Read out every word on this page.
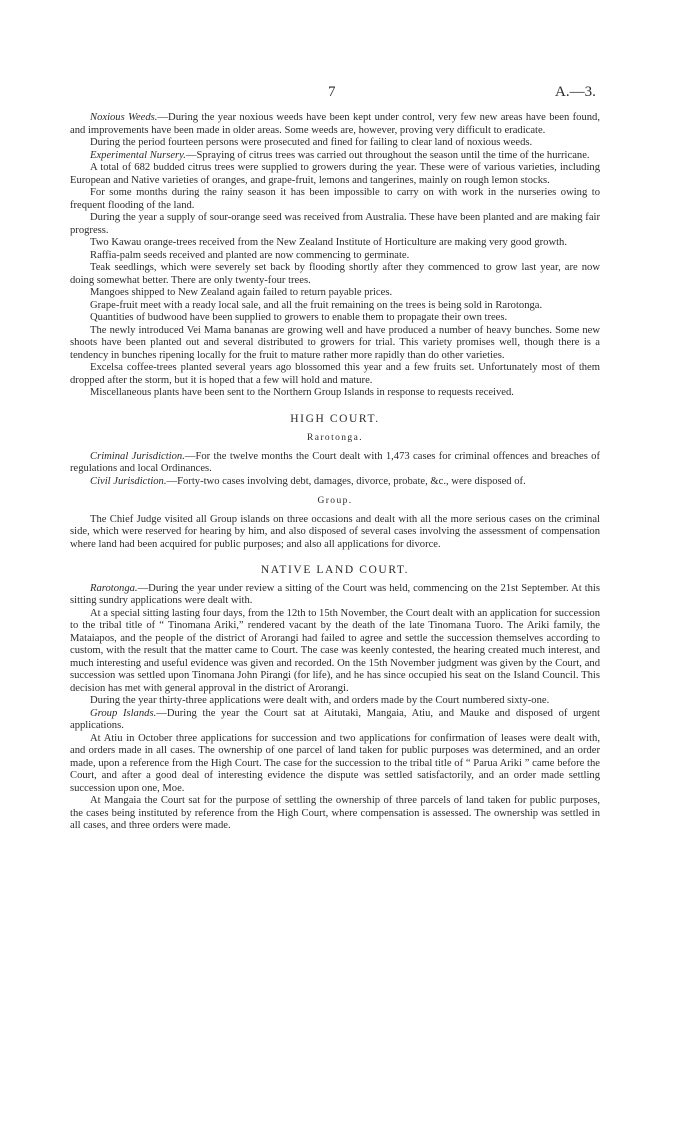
7	A.—3.

Noxious Weeds.—During the year noxious weeds have been kept under control, very few new areas have been found, and improvements have been made in older areas. Some weeds are, however, proving very difficult to eradicate.

During the period fourteen persons were prosecuted and fined for failing to clear land of noxious weeds.

Experimental Nursery.—Spraying of citrus trees was carried out throughout the season until the time of the hurricane.

A total of 682 budded citrus trees were supplied to growers during the year. These were of various varieties, including European and Native varieties of oranges, and grape-fruit, lemons and tangerines, mainly on rough lemon stocks.

For some months during the rainy season it has been impossible to carry on with work in the nurseries owing to frequent flooding of the land.

During the year a supply of sour-orange seed was received from Australia. These have been planted and are making fair progress.

Two Kawau orange-trees received from the New Zealand Institute of Horticulture are making very good growth.

Raffia-palm seeds received and planted are now commencing to germinate.

Teak seedlings, which were severely set back by flooding shortly after they commenced to grow last year, are now doing somewhat better. There are only twenty-four trees.

Mangoes shipped to New Zealand again failed to return payable prices.

Grape-fruit meet with a ready local sale, and all the fruit remaining on the trees is being sold in Rarotonga.

Quantities of budwood have been supplied to growers to enable them to propagate their own trees.

The newly introduced Vei Mama bananas are growing well and have produced a number of heavy bunches. Some new shoots have been planted out and several distributed to growers for trial. This variety promises well, though there is a tendency in bunches ripening locally for the fruit to mature rather more rapidly than do other varieties.

Excelsa coffee-trees planted several years ago blossomed this year and a few fruits set. Unfortunately most of them dropped after the storm, but it is hoped that a few will hold and mature.

Miscellaneous plants have been sent to the Northern Group Islands in response to requests received.

HIGH COURT.
Rarotonga.

Criminal Jurisdiction.—For the twelve months the Court dealt with 1,473 cases for criminal offences and breaches of regulations and local Ordinances.

Civil Jurisdiction.—Forty-two cases involving debt, damages, divorce, probate, &c., were disposed of.

Group.

The Chief Judge visited all Group islands on three occasions and dealt with all the more serious cases on the criminal side, which were reserved for hearing by him, and also disposed of several cases involving the assessment of compensation where land had been acquired for public purposes; and also all applications for divorce.

NATIVE LAND COURT.

Rarotonga.—During the year under review a sitting of the Court was held, commencing on the 21st September. At this sitting sundry applications were dealt with.

At a special sitting lasting four days, from the 12th to 15th November, the Court dealt with an application for succession to the tribal title of “ Tinomana Ariki,” rendered vacant by the death of the late Tinomana Tuoro. The Ariki family, the Mataiapos, and the people of the district of Arorangi had failed to agree and settle the succession themselves according to custom, with the result that the matter came to Court. The case was keenly contested, the hearing created much interest, and much interesting and useful evidence was given and recorded. On the 15th November judgment was given by the Court, and succession was settled upon Tinomana John Pirangi (for life), and he has since occupied his seat on the Island Council. This decision has met with general approval in the district of Arorangi.

During the year thirty-three applications were dealt with, and orders made by the Court numbered sixty-one.

Group Islands.—During the year the Court sat at Aitutaki, Mangaia, Atiu, and Mauke and disposed of urgent applications.

At Atiu in October three applications for succession and two applications for confirmation of leases were dealt with, and orders made in all cases. The ownership of one parcel of land taken for public purposes was determined, and an order made, upon a reference from the High Court. The case for the succession to the tribal title of “ Parua Ariki ” came before the Court, and after a good deal of interesting evidence the dispute was settled satisfactorily, and an order made settling succession upon one, Moe.

At Mangaia the Court sat for the purpose of settling the ownership of three parcels of land taken for public purposes, the cases being instituted by reference from the High Court, where compensation is assessed. The ownership was settled in all cases, and three orders were made.
